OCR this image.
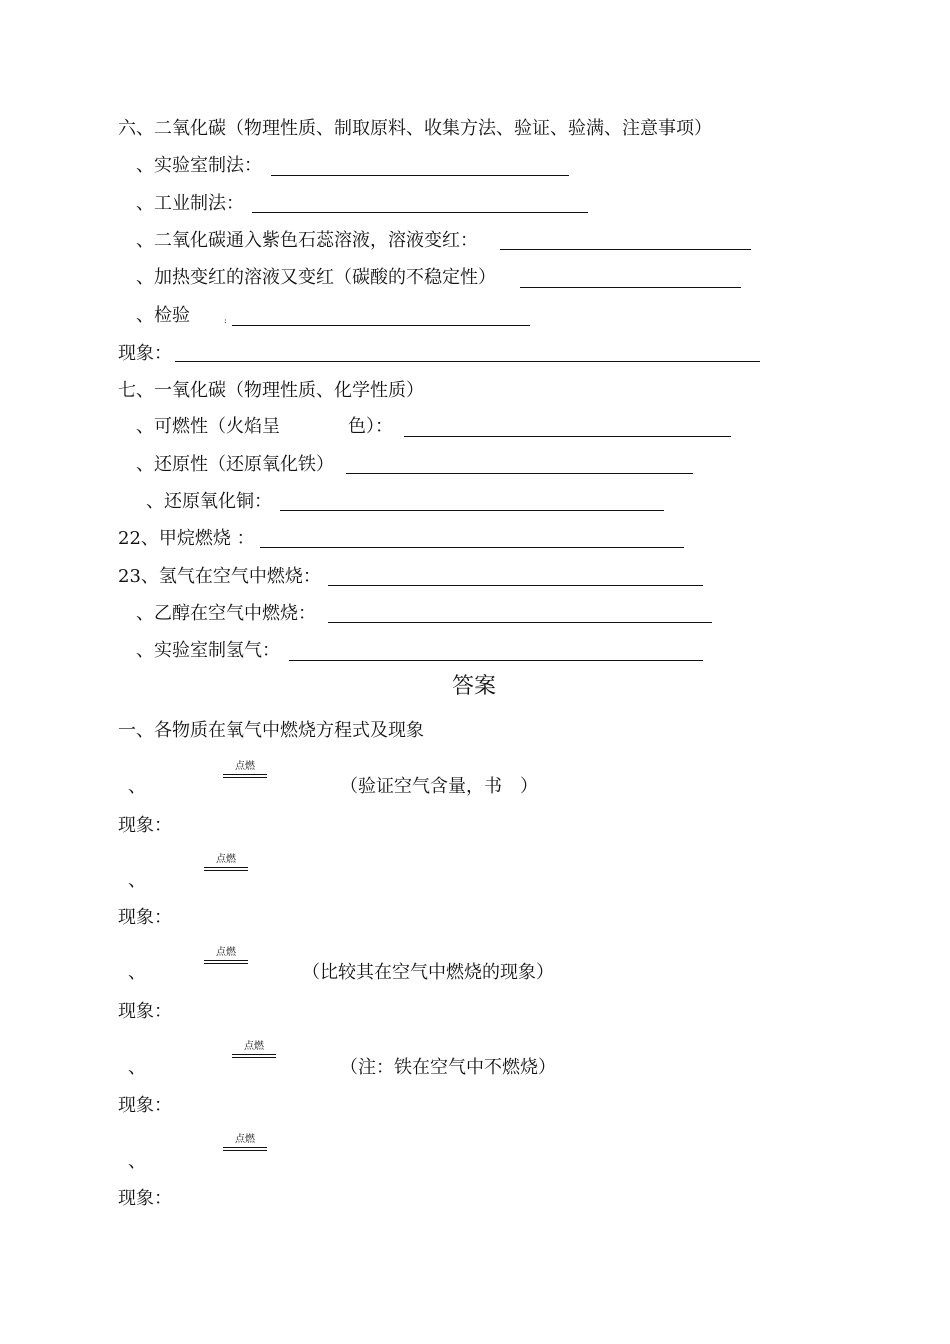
六、二氧化碳（物理性质、制取原料、收集方法、验证、验满、注意事项）
、实验室制法：
、工业制法：
、二氧化碳通入紫色石蕊溶液，溶液变红：
、加热变红的溶液又变红（碳酸的不稳定性）
、检验	:
现象：
七、一氧化碳（物理性质、化学性质）
、可燃性（火焰呈	色）：
、还原性（还原氧化铁）
、还原氧化铜：
22、甲烷燃烧 ：
23、氢气在空气中燃烧：
、乙醇在空气中燃烧：
、实验室制氢气：
答案
一、各物质在氧气中燃烧方程式及现象
点燃
、	（验证空气含量，书　）
现象：
点燃
、
现象：
点燃
、	（比较其在空气中燃烧的现象）
现象：
点燃
、	（注：铁在空气中不燃烧）
现象：
点燃
、
现象：
